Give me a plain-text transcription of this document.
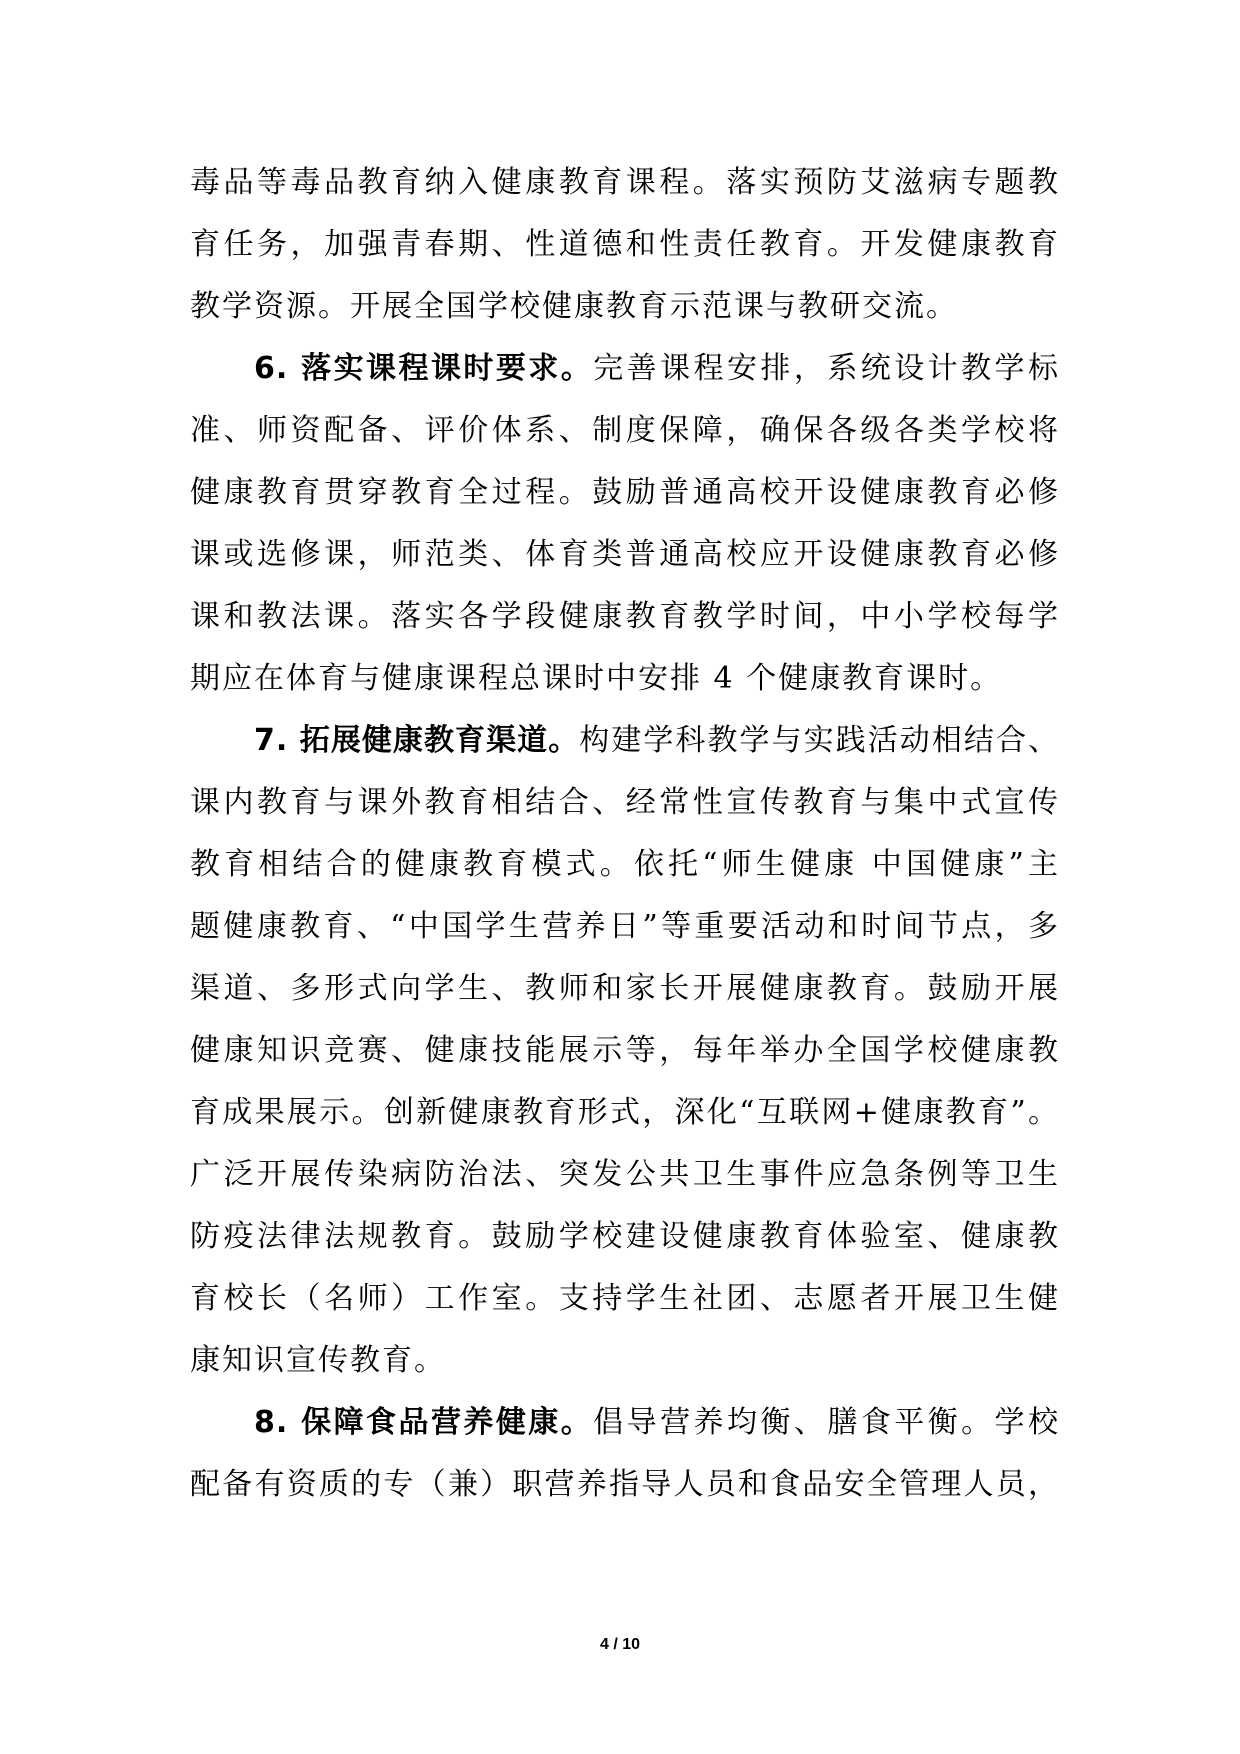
毒品等毒品教育纳入健康教育课程。落实预防艾滋病专题教
育任务，加强青春期、性道德和性责任教育。开发健康教育
教学资源。开展全国学校健康教育示范课与教研交流。
6. 落实课程课时要求。完善课程安排，系统设计教学标
准、师资配备、评价体系、制度保障，确保各级各类学校将
健康教育贯穿教育全过程。鼓励普通高校开设健康教育必修
课或选修课，师范类、体育类普通高校应开设健康教育必修
课和教法课。落实各学段健康教育教学时间，中小学校每学
期应在体育与健康课程总课时中安排 4 个健康教育课时。
7. 拓展健康教育渠道。构建学科教学与实践活动相结合、
课内教育与课外教育相结合、经常性宣传教育与集中式宣传
教育相结合的健康教育模式。依托“师生健康 中国健康”主
题健康教育、“中国学生营养日”等重要活动和时间节点，多
渠道、多形式向学生、教师和家长开展健康教育。鼓励开展
健康知识竞赛、健康技能展示等，每年举办全国学校健康教
育成果展示。创新健康教育形式，深化“互联网+健康教育”。
广泛开展传染病防治法、突发公共卫生事件应急条例等卫生
防疫法律法规教育。鼓励学校建设健康教育体验室、健康教
育校长（名师）工作室。支持学生社团、志愿者开展卫生健
康知识宣传教育。
8. 保障食品营养健康。倡导营养均衡、膳食平衡。学校
配备有资质的专（兼）职营养指导人员和食品安全管理人员，
4 / 10
